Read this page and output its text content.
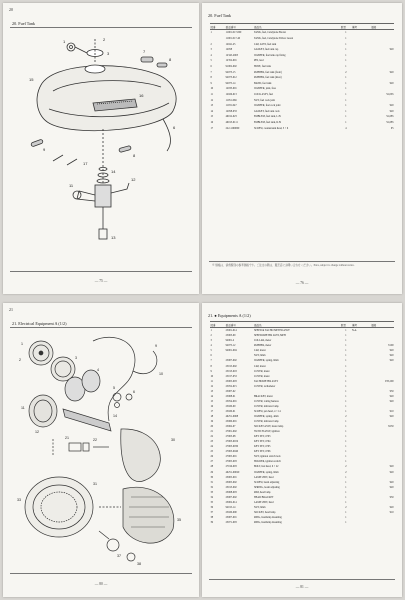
20
20. Fuel Tank
1	2
3	7
8
15
16
6
9
8
17
14
11
12
13
— 75 —
20. Fuel Tank
図番	部品番号	部品名	数量	備考	価格
1	11001-017-000	TANK, fuel, Candytone Brown	1		
	11001-017-40	TANK, fuel, Candytone Yellow Green	1		
2	12041-25	CAP, ASSY, fuel tank	1		
3	12058	GASKET, fuel tank cap	1		¥20
4	12345-2003	WASHER, fuel tank cap fixing	1		
5	12352-001	PIN, lead	1		
6	91002-002	HOSE, fuel tank	1		
7	92073-15	RUBBER, fuel tank (front)	2		¥20
8	92073-012	RUBBER, fuel tank (Rear)	1		
9	92075-14	BAND, fuel tank	1		¥20
10	12033-001	WASHER, joint, fuse	1		
11	12026-013	COCK ASSY, fuel	1		¥1,065
12	11051-066	NUT, fuel cock joint	1		
13	11031-047	WASHER, fuel cock joint	1		¥20
14	12058-033	GASKET, fuel tank cock	1		¥20
15	46012-023	EMBLEM, fuel tank, L.H.	1		¥1,685
16	46013-0111	EMBLEM, fuel tank, R.H.	1		¥1,685
17	222-1290000	SCREW, countersunk head, 3 × 6	4		¥5
※ 価格は、消費税別の参考価格です。ご注文の際は、販売店にお問い合わせください。Price, subject to change without notice.
— 76 —
21
21. Electrical Equipment A (1/2)
1
2	3
4
5
6
9
10
11
12
14
21	22	30
33
31
35
37
38
— 80 —
21. ● Equipments A (1/2)
図番	部品番号	部品名	数量	備考	価格
1	25001-014	SPEED & TACHO METER ASSY	1	N.A.	
2	25003-09	SPEEDOMETER ASSY, MPH	1		
3	92001-2	COLLAR, meter	1		
4	92075-12	RUBBER, meter	1		¥100
5	92001-004	CAP, meter	1		¥20
6		NUT, 6mm	1		¥20
7	25007-002	WASHER, spring, 6mm	1		¥20
8	25015-002	CAP, meter	1		
9	25013-018	COVER, meter	1		
10	25017-053	COVER, meter	1		
11	25005-003	TACHOMETER ASSY	1		¥35,200
12	25052-015	COVER, tachometer	1		
13	25007-02		1		¥50
14	25008-01	BRACKET, meter	1		¥20
15	25054-001	COVER, wiring harness	1		¥20
16	25020-00	COVER, indicator lamp	1		
17	25020-01	SCREW, pan head, 4 × 14	1		¥10
18	40251-0008	WASHER, spring, 4mm	2		¥20
19	25060-001	COVER, indicator lamp	1		
20	25062-07	SOCKET ASSY, meter lamp	1		¥250
21	27001-002	SWITCH ASSY, ignition	1		
22	27003-08	KEY SET, #703	1		
23	27003-0019	KEY SET, #704	1		
24	27003-0030	KEY SET, #705	1		
25	27003-0040	KEY SET, #706	1		
26	27005-001	NUT, ignition switch lock	1		
27	27005-003	HOLDER, ignition switch	1		
28	27016-003	BOLT, hex head, 6 × 22	2		¥20
29	40251-00020	WASHER, spring, 6mm	2		¥20
30	23005-001	LAMP UNIT, head	1		
31	23005-002	SCREW, beam adjusting	1		¥20
32	23013-002	SPRING, beam adjusting	1		¥20
33	23008-003	RIM, head lamp	1		
34	23007-002	HEAD BRACKET	1		¥50
35	23002-014	LAMP UNIT, head	1		
36	92015-14	NUT, 6mm	2		¥20
37	25020-000	SOCKET, head lamp	1		¥10
38	23007-001	RING, headlamp mounting	1		
39	23071-093	RING, headlamp mounting	1		
— 81 —
